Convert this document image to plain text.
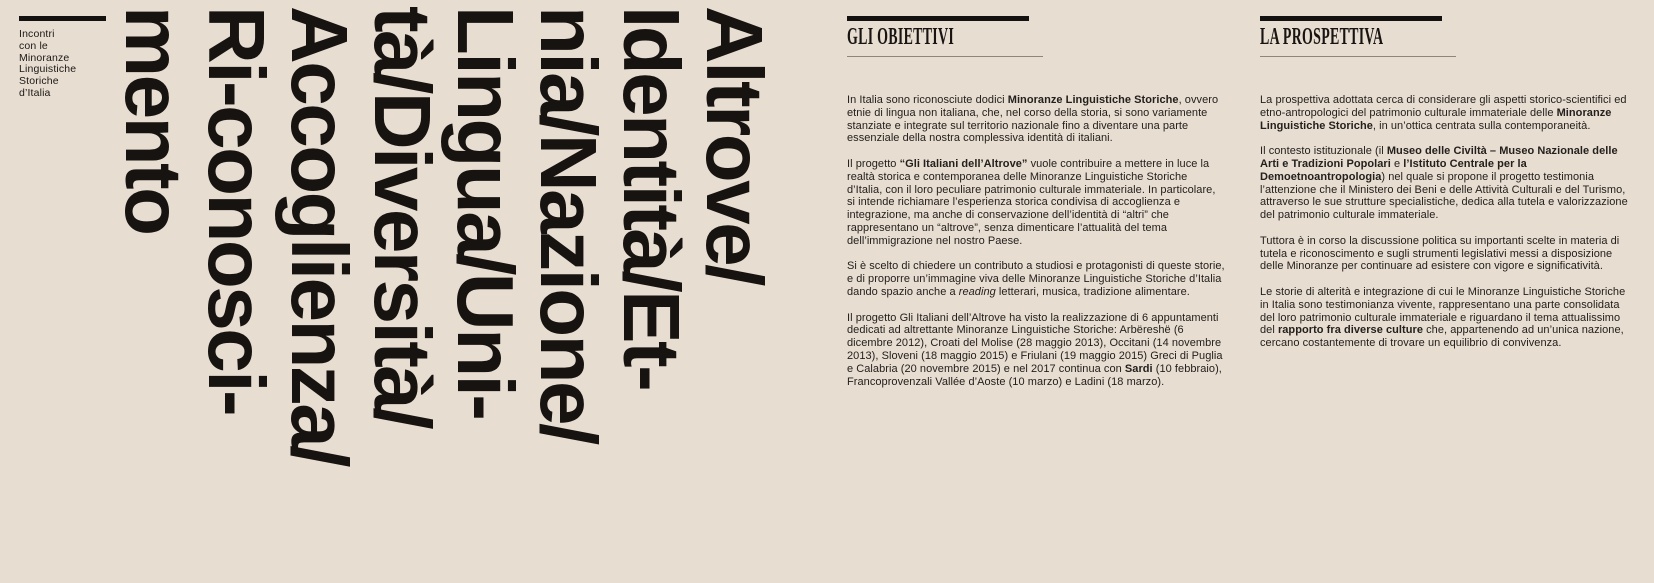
Incontri
con le
Minoranze
Linguistiche
Storiche
d’Italia	Altrove/
Identità/Et-
nia/Nazione/
Lingua/Uni-
tà/Diversità/
Accoglienza/
Ri-conosci-
mento	GLI OBIETTIVI

In Italia sono riconosciute dodici Minoranze Linguistiche Storiche, ovvero etnie di lingua non italiana, che, nel corso della storia, si sono variamente stanziate e integrate sul territorio nazionale fino a diventare una parte essenziale della nostra complessiva identità di italiani.

Il progetto “Gli Italiani dell’Altrove” vuole contribuire a mettere in luce la realtà storica e contemporanea delle Minoranze Linguistiche Storiche d’Italia, con il loro peculiare patrimonio culturale immateriale. In particolare, si intende richiamare l’esperienza storica condivisa di accoglienza e integrazione, ma anche di conservazione dell’identità di “altri” che rappresentano un “altrove”, senza dimenticare l’attualità del tema dell’immigrazione nel nostro Paese.

Si è scelto di chiedere un contributo a studiosi e protagonisti di queste storie, e di proporre un’immagine viva delle Minoranze Linguistiche Storiche d’Italia dando spazio anche a reading letterari, musica, tradizione alimentare.

Il progetto Gli Italiani dell’Altrove ha visto la realizzazione di 6 appuntamenti dedicati ad altrettante Minoranze Linguistiche Storiche: Arbëreshë (6 dicembre 2012), Croati del Molise (28 maggio 2013), Occitani (14 novembre 2013), Sloveni (18 maggio 2015) e Friulani (19 maggio 2015) Greci di Puglia e Calabria (20 novembre 2015) e nel 2017 continua con Sardi (10 febbraio), Francoprovenzali Vallée d’Aoste (10 marzo) e Ladini (18 marzo).

LA PROSPETTIVA

La prospettiva adottata cerca di considerare gli aspetti storico-scientifici ed etno-antropologici del patrimonio culturale immateriale delle Minoranze Linguistiche Storiche, in un’ottica centrata sulla contemporaneità.

Il contesto istituzionale (il Museo delle Civiltà – Museo Nazionale delle Arti e Tradizioni Popolari e l’Istituto Centrale per la Demoetnoantropologia) nel quale si propone il progetto testimonia l’attenzione che il Ministero dei Beni e delle Attività Culturali e del Turismo, attraverso le sue strutture specialistiche, dedica alla tutela e valorizzazione del patrimonio culturale immateriale.

Tuttora è in corso la discussione politica su importanti scelte in materia di tutela e riconoscimento e sugli strumenti legislativi messi a disposizione delle Minoranze per continuare ad esistere con vigore e significatività.

Le storie di alterità e integrazione di cui le Minoranze Linguistiche Storiche in Italia sono testimonianza vivente, rappresentano una parte consolidata del loro patrimonio culturale immateriale e riguardano il tema attualissimo del rapporto fra diverse culture che, appartenendo ad un’unica nazione, cercano costantemente di trovare un equilibrio di convivenza.
